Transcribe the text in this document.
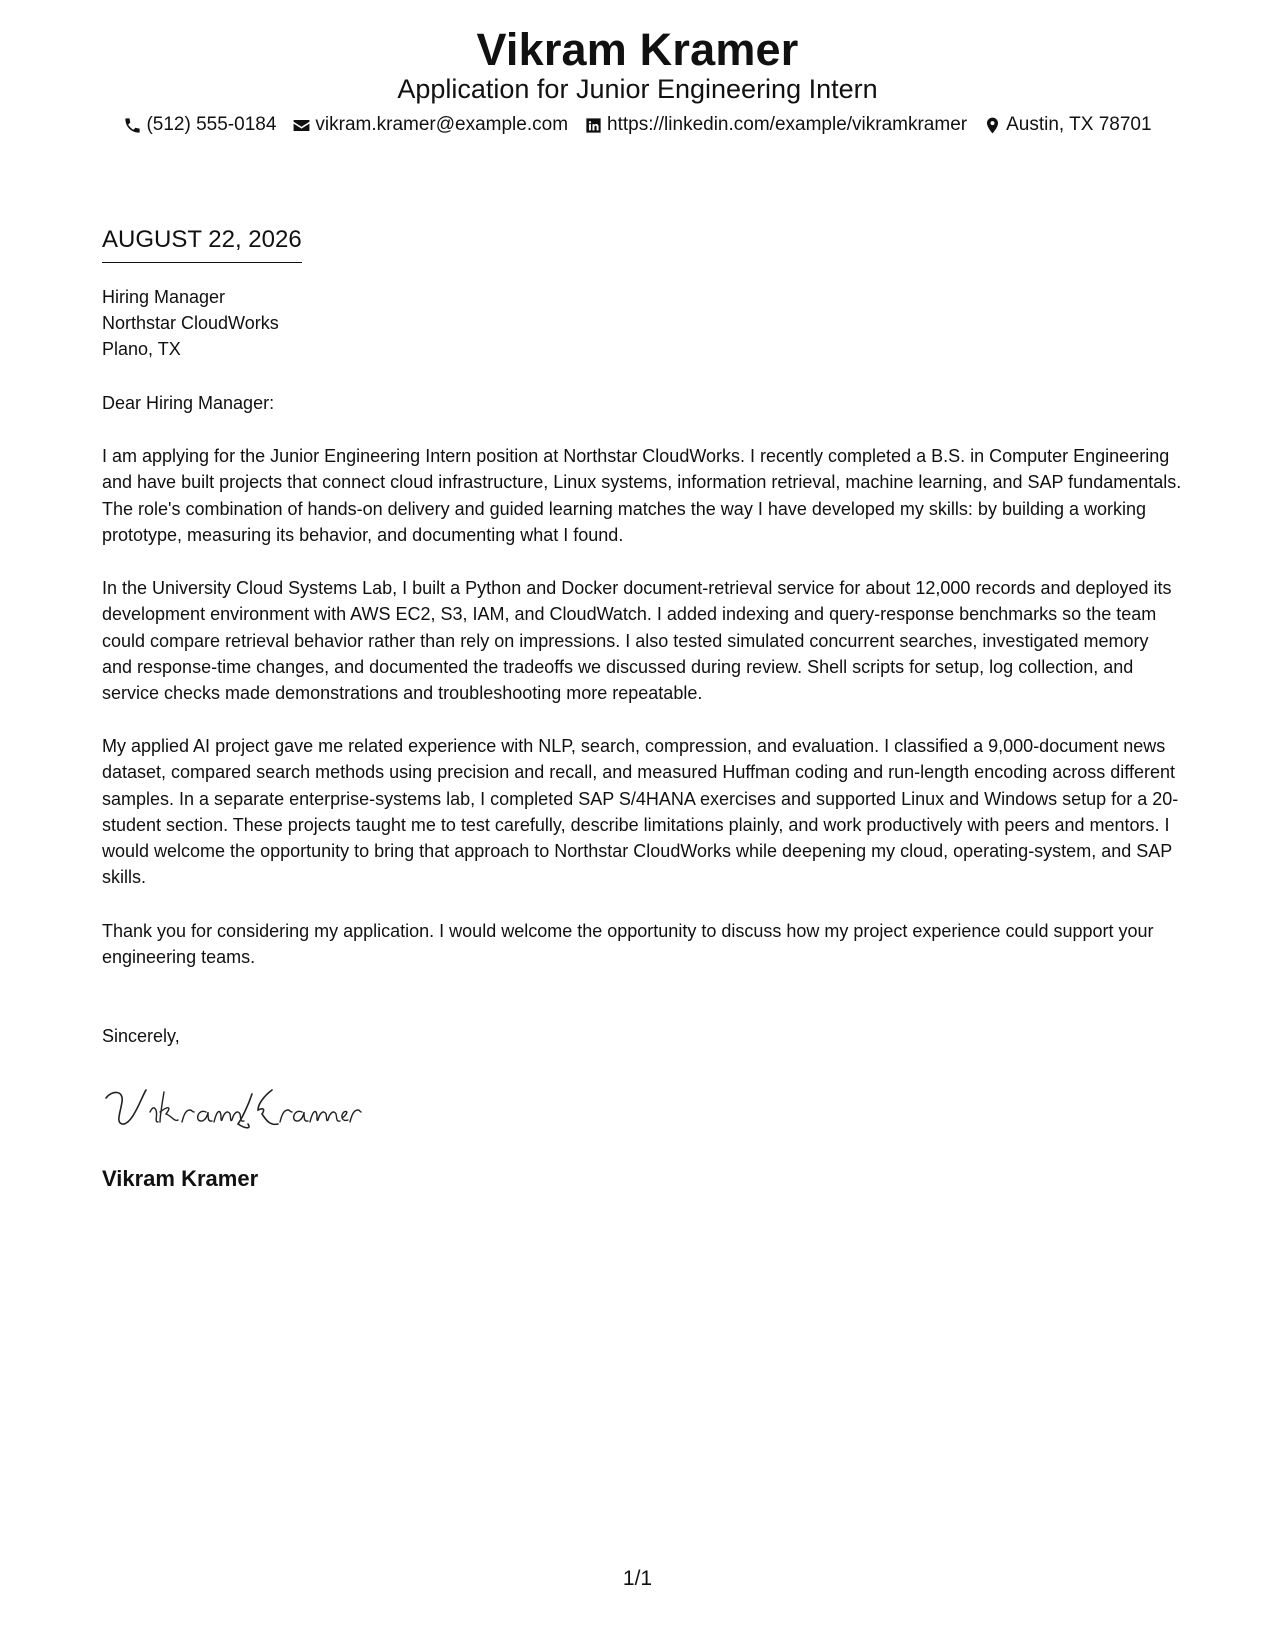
Vikram Kramer
Application for Junior Engineering Intern
(512) 555-0184 vikram.kramer@example.com https://linkedin.com/example/vikramkramer Austin, TX 78701
AUGUST 22, 2026
Hiring Manager
Northstar CloudWorks
Plano, TX
Dear Hiring Manager:
I am applying for the Junior Engineering Intern position at Northstar CloudWorks. I recently completed a B.S. in Computer Engineering and have built projects that connect cloud infrastructure, Linux systems, information retrieval, machine learning, and SAP fundamentals. The role's combination of hands-on delivery and guided learning matches the way I have developed my skills: by building a working prototype, measuring its behavior, and documenting what I found.
In the University Cloud Systems Lab, I built a Python and Docker document-retrieval service for about 12,000 records and deployed its development environment with AWS EC2, S3, IAM, and CloudWatch. I added indexing and query-response benchmarks so the team could compare retrieval behavior rather than rely on impressions. I also tested simulated concurrent searches, investigated memory and response-time changes, and documented the tradeoffs we discussed during review. Shell scripts for setup, log collection, and service checks made demonstrations and troubleshooting more repeatable.
My applied AI project gave me related experience with NLP, search, compression, and evaluation. I classified a 9,000-document news dataset, compared search methods using precision and recall, and measured Huffman coding and run-length encoding across different samples. In a separate enterprise-systems lab, I completed SAP S/4HANA exercises and supported Linux and Windows setup for a 20-student section. These projects taught me to test carefully, describe limitations plainly, and work productively with peers and mentors. I would welcome the opportunity to bring that approach to Northstar CloudWorks while deepening my cloud, operating-system, and SAP skills.
Thank you for considering my application. I would welcome the opportunity to discuss how my project experience could support your engineering teams.
Sincerely,
Vikram Kramer
1/1
